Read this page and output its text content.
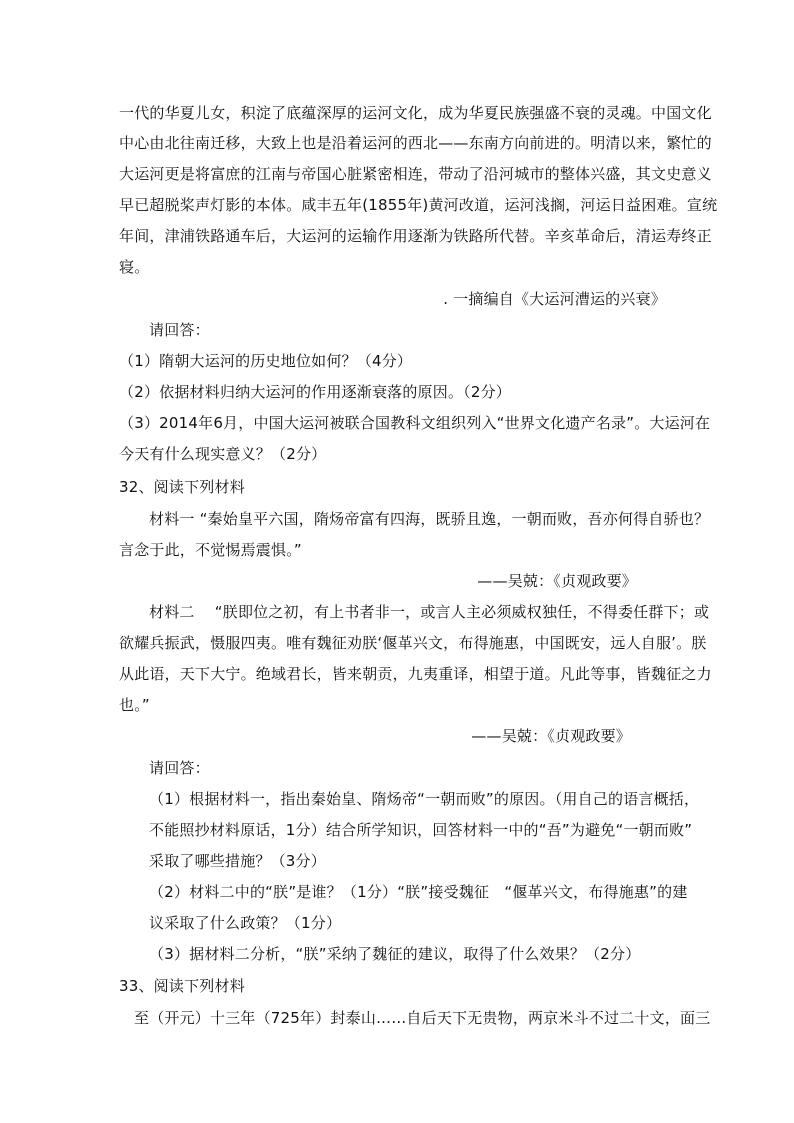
一代的华夏儿女，积淀了底蕴深厚的运河文化，成为华夏民族强盛不衰的灵魂。中国文化
中心由北往南迁移，大致上也是沿着运河的西北——东南方向前进的。明清以来，繁忙的
大运河更是将富庶的江南与帝国心脏紧密相连，带动了沿河城市的整体兴盛，其文史意义
早已超脱桨声灯影的本体。咸丰五年(1855年)黄河改道，运河浅搁，河运日益困难。宣统
年间，津浦铁路通车后，大运河的运输作用逐渐为铁路所代替。辛亥革命后，清运寿终正
寝。
. 一摘编自《大运河漕运的兴衰》
请回答：
（1）隋朝大运河的历史地位如何？（4分）
（2）依据材料归纳大运河的作用逐渐衰落的原因。（2分）
（3）2014年6月，中国大运河被联合国教科文组织列入“世界文化遗产名录”。大运河在
今天有什么现实意义？（2分）
32、阅读下列材料
材料一 “秦始皇平六国，隋炀帝富有四海，既骄且逸，一朝而败，吾亦何得自骄也？
言念于此，不觉惕焉震惧。”
——吴兢：《贞观政要》
材料二　 “朕即位之初，有上书者非一，或言人主必须威权独任，不得委任群下；或
欲耀兵振武，慑服四夷。唯有魏征劝朕‘偃革兴文，布得施惠，中国既安，远人自服’。朕
从此语，天下大宁。绝域君长，皆来朝贡，九夷重译，相望于道。凡此等事，皆魏征之力
也。”
——吴兢：《贞观政要》
请回答：
（1）根据材料一，指出秦始皇、隋炀帝“一朝而败”的原因。（用自己的语言概括，
不能照抄材料原话，1分）结合所学知识，回答材料一中的“吾”为避免“一朝而败”
采取了哪些措施？（3分）
（2）材料二中的“朕”是谁？（1分）“朕”接受魏征　“偃革兴文，布得施惠”的建
议采取了什么政策？（1分）
（3）据材料二分析，“朕”采纳了魏征的建议，取得了什么效果？（2分）
33、阅读下列材料
至（开元）十三年（725年）封泰山……自后天下无贵物，两京米斗不过二十文，面三
